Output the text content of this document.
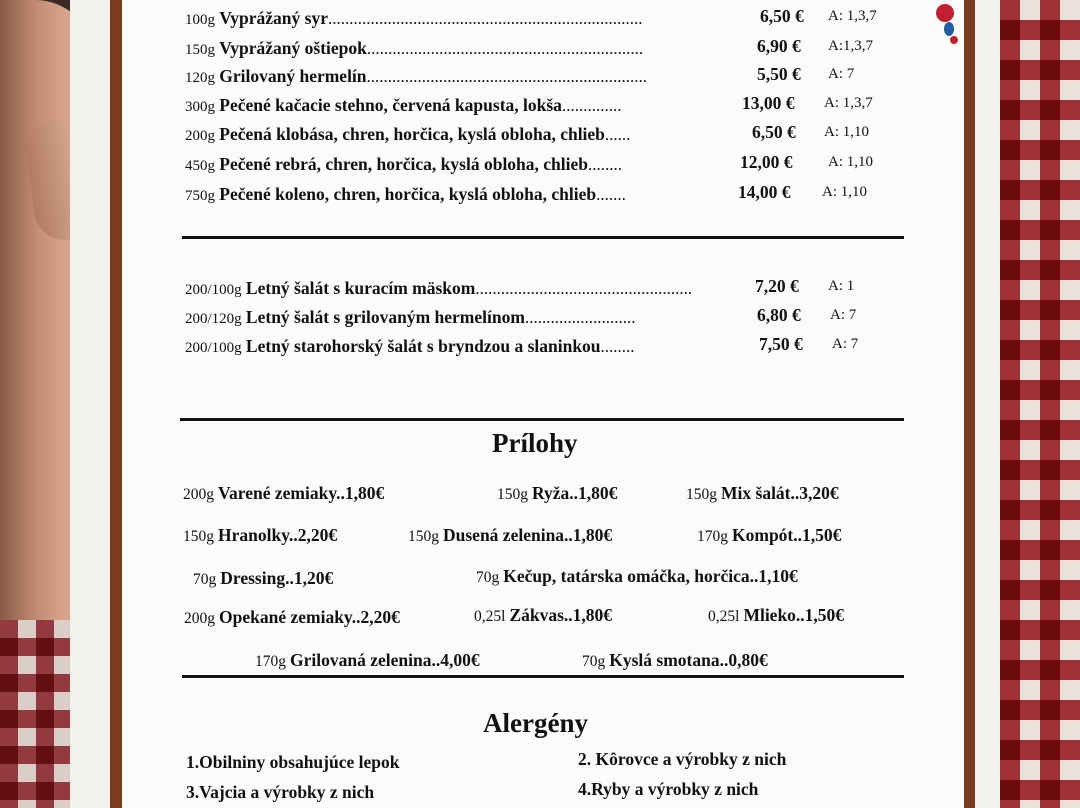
100g Vyprážaný syr..........................................................................	6,50 € A: 1,3,7
150g Vyprážaný oštiepok.................................................................	6,90 € A:1,3,7
120g Grilovaný hermelín..................................................................	5,50 € A: 7
300g Pečené kačacie stehno, červená kapusta, lokša..............	13,00 € A: 1,3,7
200g Pečená klobása, chren, horčica, kyslá obloha, chlieb......	6,50 € A: 1,10
450g Pečené rebrá, chren, horčica, kyslá obloha, chlieb........	12,00 € A: 1,10
750g Pečené koleno, chren, horčica, kyslá obloha, chlieb.......	14,00 € A: 1,10
200/100g Letný šalát s kuracím mäskom...................................................	7,20 € A: 1
200/120g Letný šalát s grilovaným hermelínom..........................	6,80 € A: 7
200/100g Letný starohorský šalát s bryndzou a slaninkou........	7,50 € A: 7
Prílohy
200g Varené zemiaky..1,80€	150g Ryža..1,80€	150g Mix šalát..3,20€
150g Hranolky..2,20€	150g Dusená zelenina..1,80€	170g Kompót..1,50€
70g Dressing..1,20€	70g Kečup, tatárska omáčka, horčica..1,10€
200g Opekané zemiaky..2,20€	0,25l Zákvas..1,80€	0,25l Mlieko..1,50€
170g Grilovaná zelenina..4,00€	70g Kyslá smotana..0,80€
Alergény
1.Obilniny obsahujúce lepok	2. Kôrovce a výrobky z nich
3.Vajcia a výrobky z nich	4.Ryby a výrobky z nich
